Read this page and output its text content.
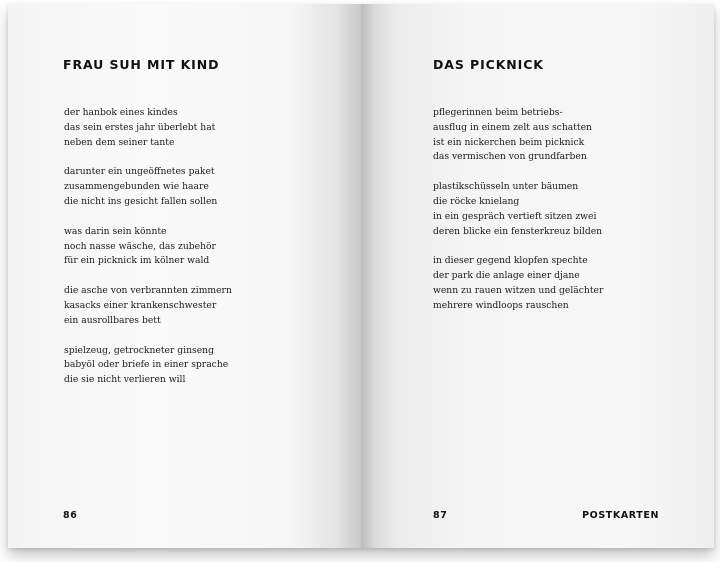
FRAU SUH MIT KIND

der hanbok eines kindes
das sein erstes jahr überlebt hat
neben dem seiner tante

darunter ein ungeöffnetes paket
zusammengebunden wie haare
die nicht ins gesicht fallen sollen

was darin sein könnte
noch nasse wäsche, das zubehör
für ein picknick im kölner wald

die asche von verbrannten zimmern
kasacks einer krankenschwester
ein ausrollbares bett

spielzeug, getrockneter ginseng
babyöl oder briefe in einer sprache
die sie nicht verlieren will

86
DAS PICKNICK

pflegerinnen beim betriebs-
ausflug in einem zelt aus schatten
ist ein nickerchen beim picknick
das vermischen von grundfarben

plastikschüsseln unter bäumen
die röcke knielang
in ein gespräch vertieft sitzen zwei
deren blicke ein fensterkreuz bilden

in dieser gegend klopfen spechte
der park die anlage einer djane
wenn zu rauen witzen und gelächter
mehrere windloops rauschen

87	POSTKARTEN
